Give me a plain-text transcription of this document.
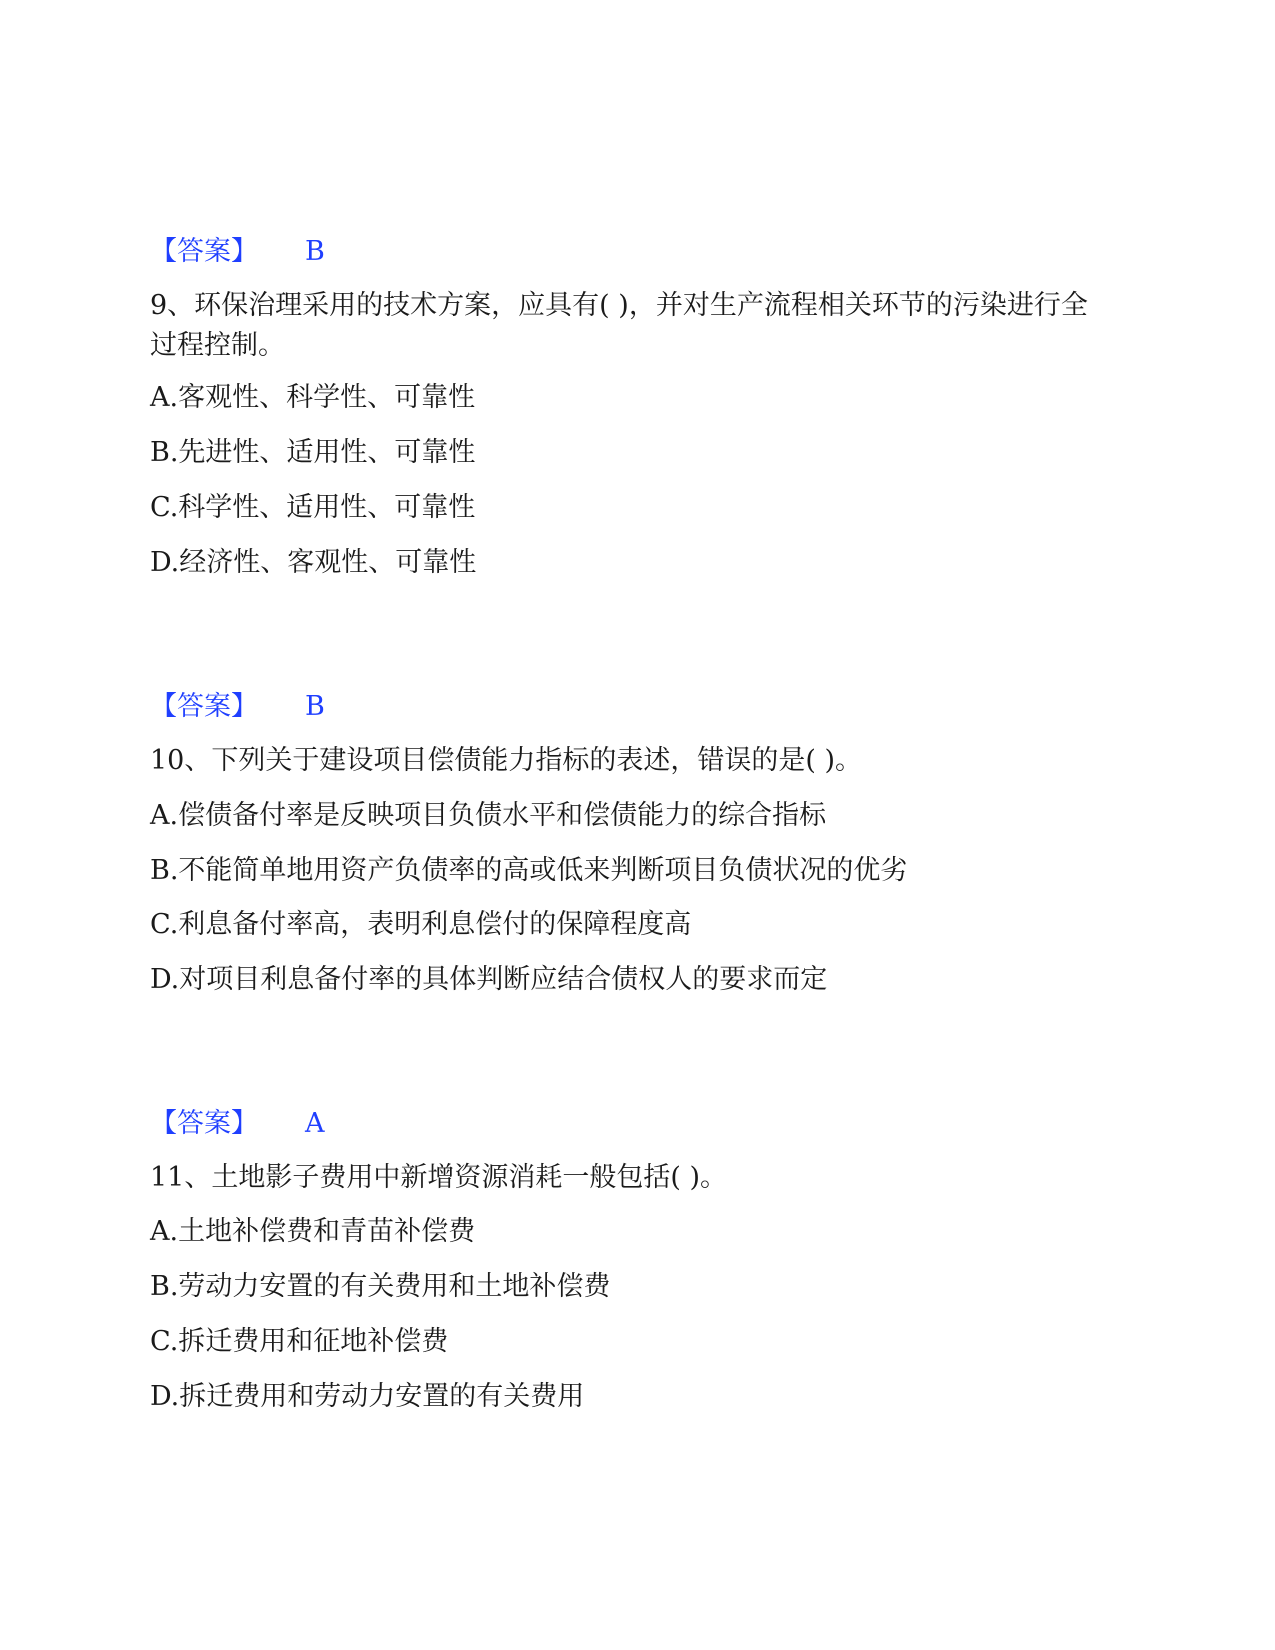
【答案】 B

9、环保治理采用的技术方案，应具有( )，并对生产流程相关环节的污染进行全过程控制。

A.客观性、科学性、可靠性
B.先进性、适用性、可靠性
C.科学性、适用性、可靠性
D.经济性、客观性、可靠性
【答案】 B

10、下列关于建设项目偿债能力指标的表述，错误的是( )。

A.偿债备付率是反映项目负债水平和偿债能力的综合指标
B.不能简单地用资产负债率的高或低来判断项目负债状况的优劣
C.利息备付率高，表明利息偿付的保障程度高
D.对项目利息备付率的具体判断应结合债权人的要求而定
【答案】 A

11、土地影子费用中新增资源消耗一般包括( )。

A.土地补偿费和青苗补偿费
B.劳动力安置的有关费用和土地补偿费
C.拆迁费用和征地补偿费
D.拆迁费用和劳动力安置的有关费用
